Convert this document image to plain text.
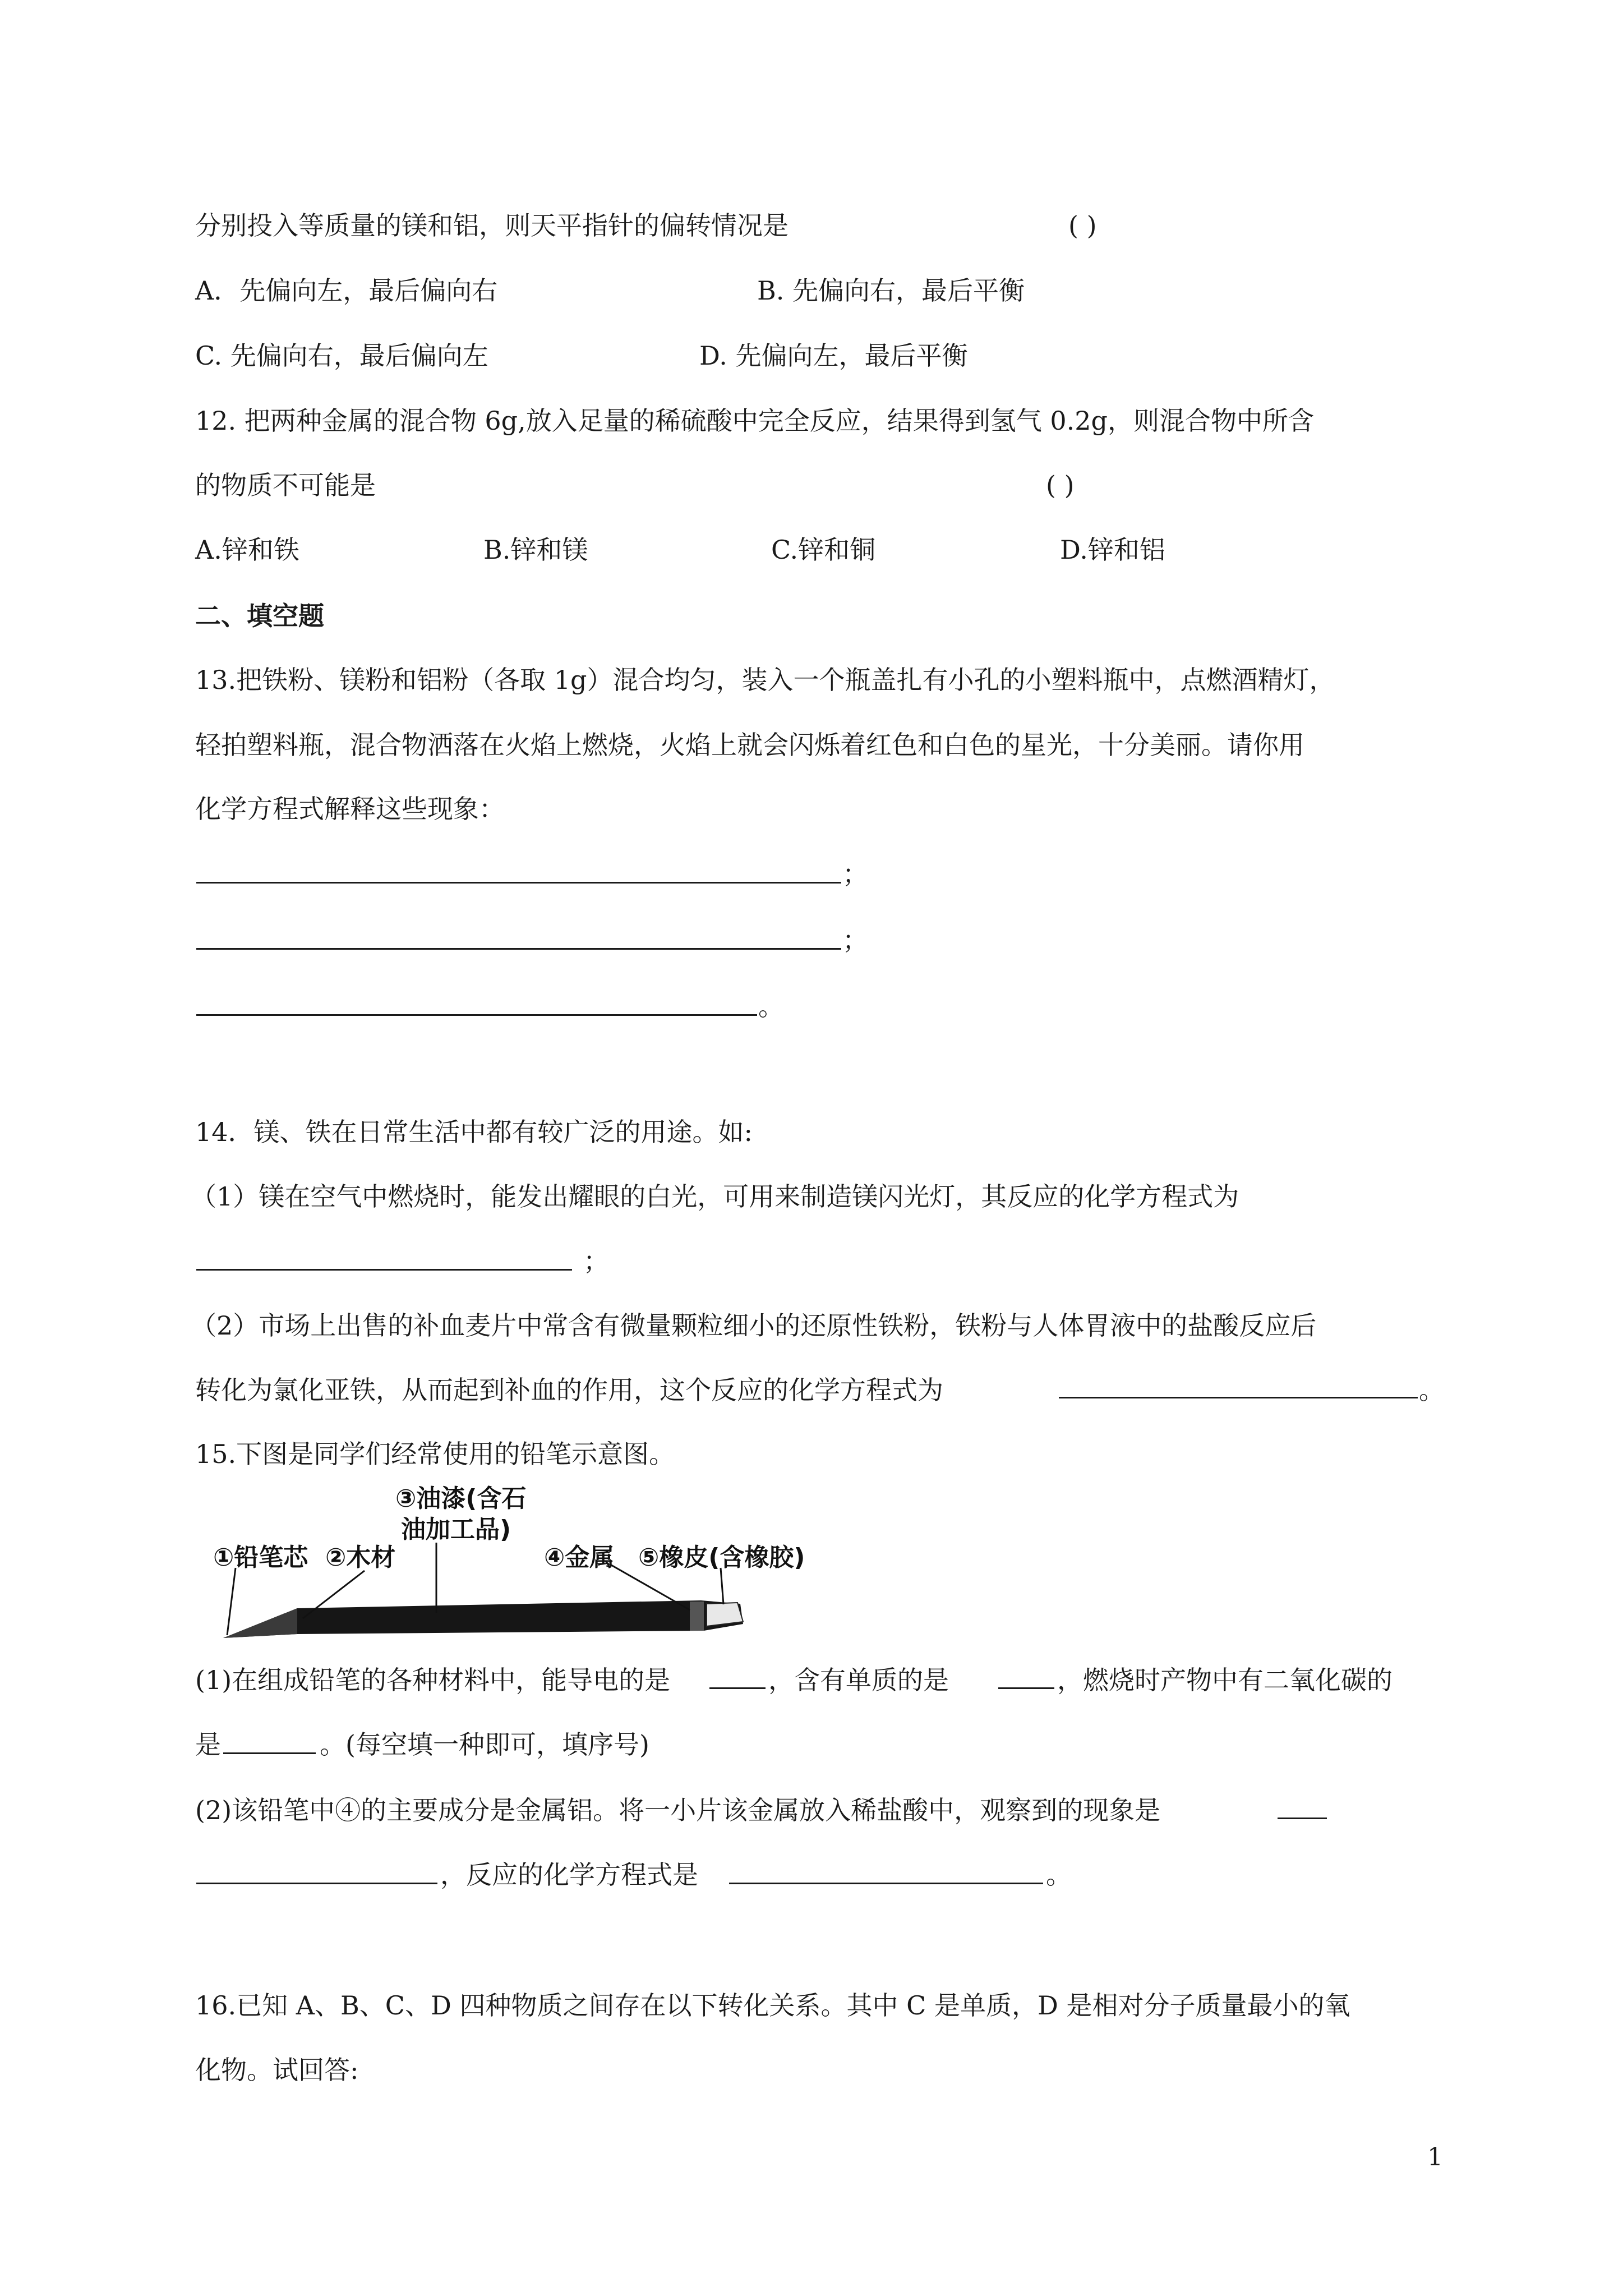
分别投入等质量的镁和铝，则天平指针的偏转情况是	( )
A．先偏向左，最后偏向右	B. 先偏向右，最后平衡
C. 先偏向右，最后偏向左	D. 先偏向左，最后平衡
12. 把两种金属的混合物 6g,放入足量的稀硫酸中完全反应，结果得到氢气 0.2g，则混合物中所含
的物质不可能是	( )
A.锌和铁	B.锌和镁	C.锌和铜	D.锌和铝
二、填空题
13.把铁粉、镁粉和铝粉（各取 1g）混合均匀，装入一个瓶盖扎有小孔的小塑料瓶中，点燃酒精灯，
轻拍塑料瓶，混合物洒落在火焰上燃烧，火焰上就会闪烁着红色和白色的星光，十分美丽。请你用
化学方程式解释这些现象：
；
；
。
14．镁、铁在日常生活中都有较广泛的用途。如:
（1）镁在空气中燃烧时，能发出耀眼的白光，可用来制造镁闪光灯，其反应的化学方程式为
；
（2）市场上出售的补血麦片中常含有微量颗粒细小的还原性铁粉，铁粉与人体胃液中的盐酸反应后
转化为氯化亚铁，从而起到补血的作用，这个反应的化学方程式为	。
15.下图是同学们经常使用的铅笔示意图。
①铅笔芯 ②木材
③油漆(含石
油加工品)
④金属 ⑤橡皮(含橡胶)
(1)在组成铅笔的各种材料中，能导电的是	，含有单质的是	，燃烧时产物中有二氧化碳的
是	。(每空填一种即可，填序号)
(2)该铅笔中④的主要成分是金属铝。将一小片该金属放入稀盐酸中，观察到的现象是
，反应的化学方程式是	。
16.已知 A、B、C、D 四种物质之间存在以下转化关系。其中 C 是单质，D 是相对分子质量最小的氧
化物。试回答:
1
